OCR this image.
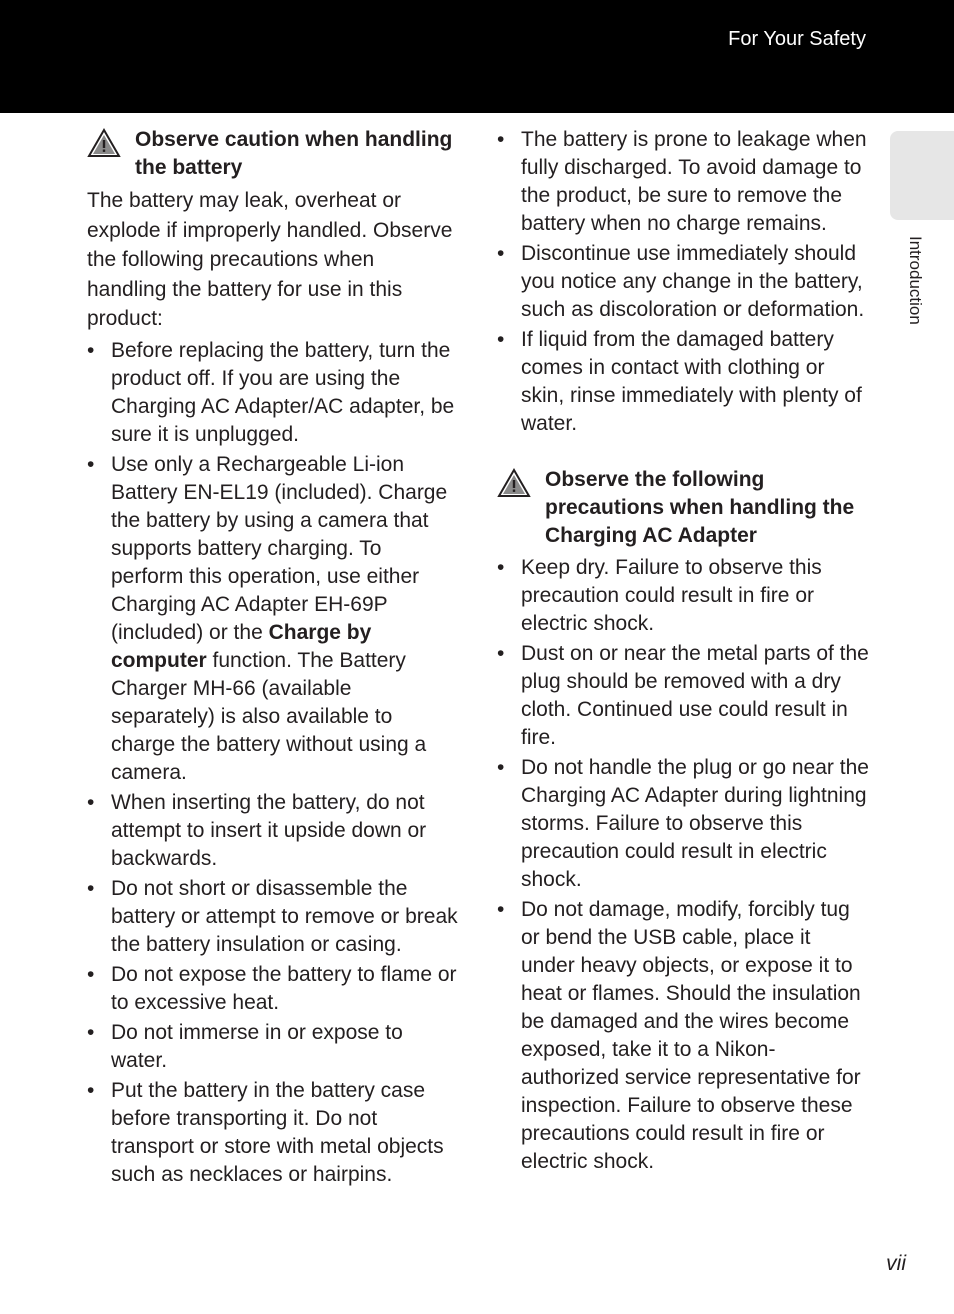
For Your Safety
Introduction
Observe caution when handling the battery
The battery may leak, overheat or explode if improperly handled. Observe the following precautions when handling the battery for use in this product:
• Before replacing the battery, turn the product off. If you are using the Charging AC Adapter/AC adapter, be sure it is unplugged.
• Use only a Rechargeable Li-ion Battery EN-EL19 (included). Charge the battery by using a camera that supports battery charging. To perform this operation, use either Charging AC Adapter EH-69P (included) or the Charge by computer function. The Battery Charger MH-66 (available separately) is also available to charge the battery without using a camera.
• When inserting the battery, do not attempt to insert it upside down or backwards.
• Do not short or disassemble the battery or attempt to remove or break the battery insulation or casing.
• Do not expose the battery to flame or to excessive heat.
• Do not immerse in or expose to water.
• Put the battery in the battery case before transporting it. Do not transport or store with metal objects such as necklaces or hairpins.
• The battery is prone to leakage when fully discharged. To avoid damage to the product, be sure to remove the battery when no charge remains.
• Discontinue use immediately should you notice any change in the battery, such as discoloration or deformation.
• If liquid from the damaged battery comes in contact with clothing or skin, rinse immediately with plenty of water.
Observe the following precautions when handling the Charging AC Adapter
• Keep dry. Failure to observe this precaution could result in fire or electric shock.
• Dust on or near the metal parts of the plug should be removed with a dry cloth. Continued use could result in fire.
• Do not handle the plug or go near the Charging AC Adapter during lightning storms. Failure to observe this precaution could result in electric shock.
• Do not damage, modify, forcibly tug or bend the USB cable, place it under heavy objects, or expose it to heat or flames. Should the insulation be damaged and the wires become exposed, take it to a Nikon-authorized service representative for inspection. Failure to observe these precautions could result in fire or electric shock.
vii
